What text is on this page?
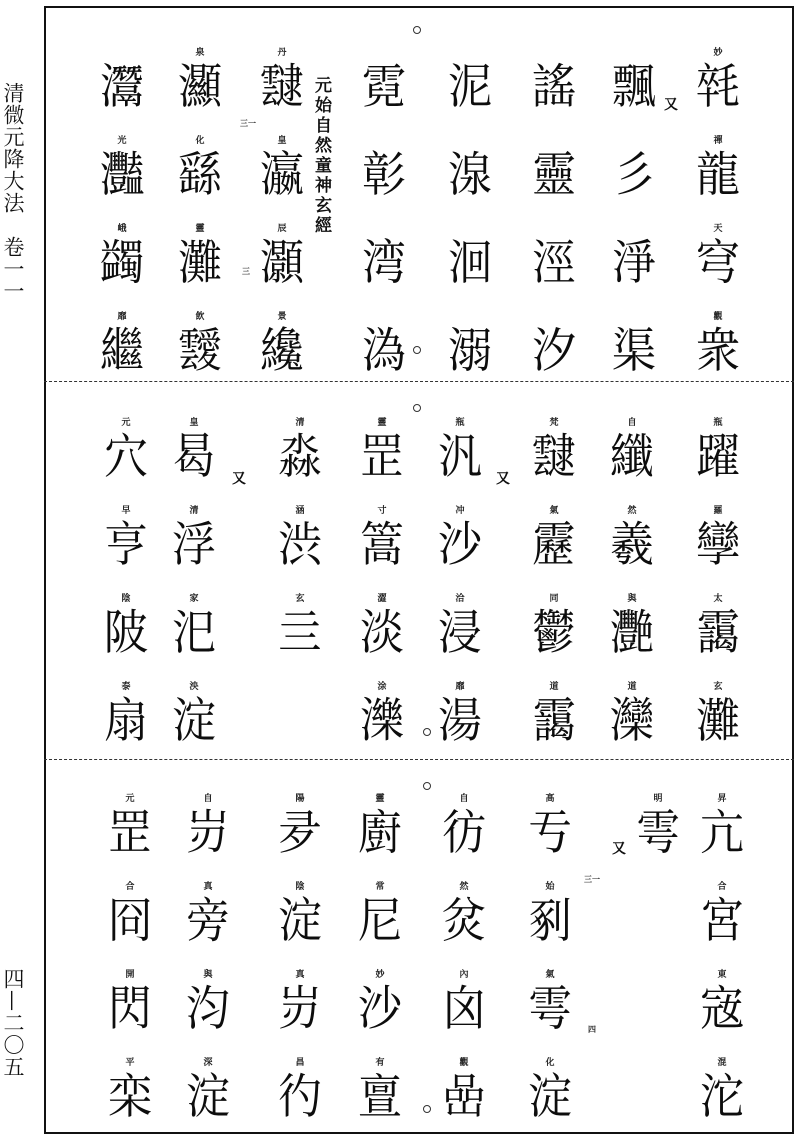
清微元降大法　卷一一
四—二〇五
元始自然童神玄經	又
又	又
又
三一
三
三一
四
妙
㲞
禪
龍
天
穹
觀
衆
飄
彡
淨
渠
謠
靈
涇
汐
泥
湶
洄
溺
霓
彰
湾
溈
丹
靆
皇
瀛
辰
灝
景
纔
泉
灦
化
繇
靈
灘
飲
靉
灊
光
灩
峨
蠲
靡
繼
瓶
躍
羅
孿
太
靄
玄
灘
自
纖
然
羲
與
灧
道
灤
梵
靆
氣
靂
同
鬱
道
靄
瓶
汎
冲
沙
洽
浸
靡
湯
靈
罡
寸
篙
澀
淡
涂
濼
清
淼
涵
渋
玄
亖
皇
曷
清
浮
家
汜
泱
淀
元
穴
早
亨
陰
陂
泰
扇
昇
亢
合
宮
東
宼
混
沱
明
雩
高
亐
始
剢
氣
雩
化
淀
自
彷
然
炃
內
囟
觀
嵒
靈
廚
常
尼
妙
沙
有
亶
陽
夛
陰
淀
真
岃
昌
彴
自
岃
真
旁
與
汮
深
淀
元
罡
合
冏
開
閃
平
栾
